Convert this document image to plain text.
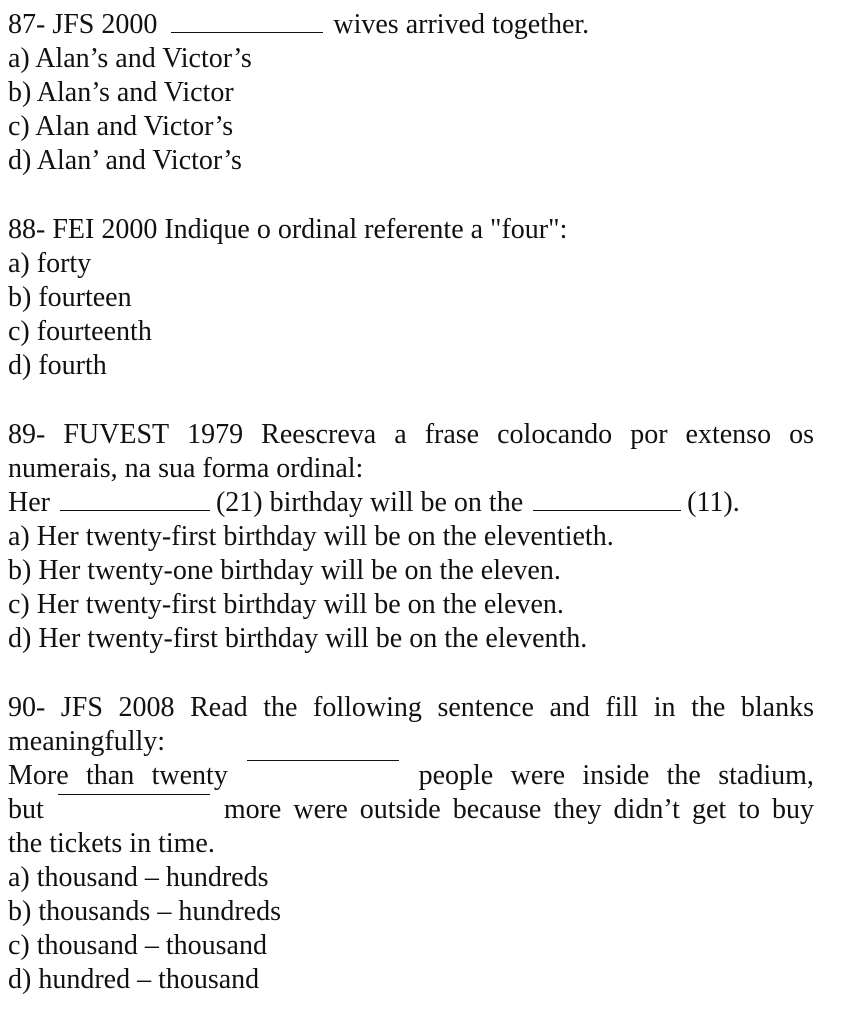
87- JFS 2000	wives arrived together.
a) Alan’s and Victor’s
b) Alan’s and Victor
c) Alan and Victor’s
d) Alan’ and Victor’s
88- FEI 2000 Indique o ordinal referente a "four":
a) forty
b) fourteen
c) fourteenth
d) fourth
89- FUVEST 1979 Reescreva a frase colocando por extenso os
numerais, na sua forma ordinal:
Her	(21) birthday will be on the	(11).
a) Her twenty-first birthday will be on the eleventieth.
b) Her twenty-one birthday will be on the eleven.
c) Her twenty-first birthday will be on the eleven.
d) Her twenty-first birthday will be on the eleventh.
90- JFS 2008 Read the following sentence and fill in the blanks
meaningfully:
More than twenty	people were inside the stadium,
but	more were outside because they didn’t get to buy
the tickets in time.
a) thousand – hundreds
b) thousands – hundreds
c) thousand – thousand
d) hundred – thousand
